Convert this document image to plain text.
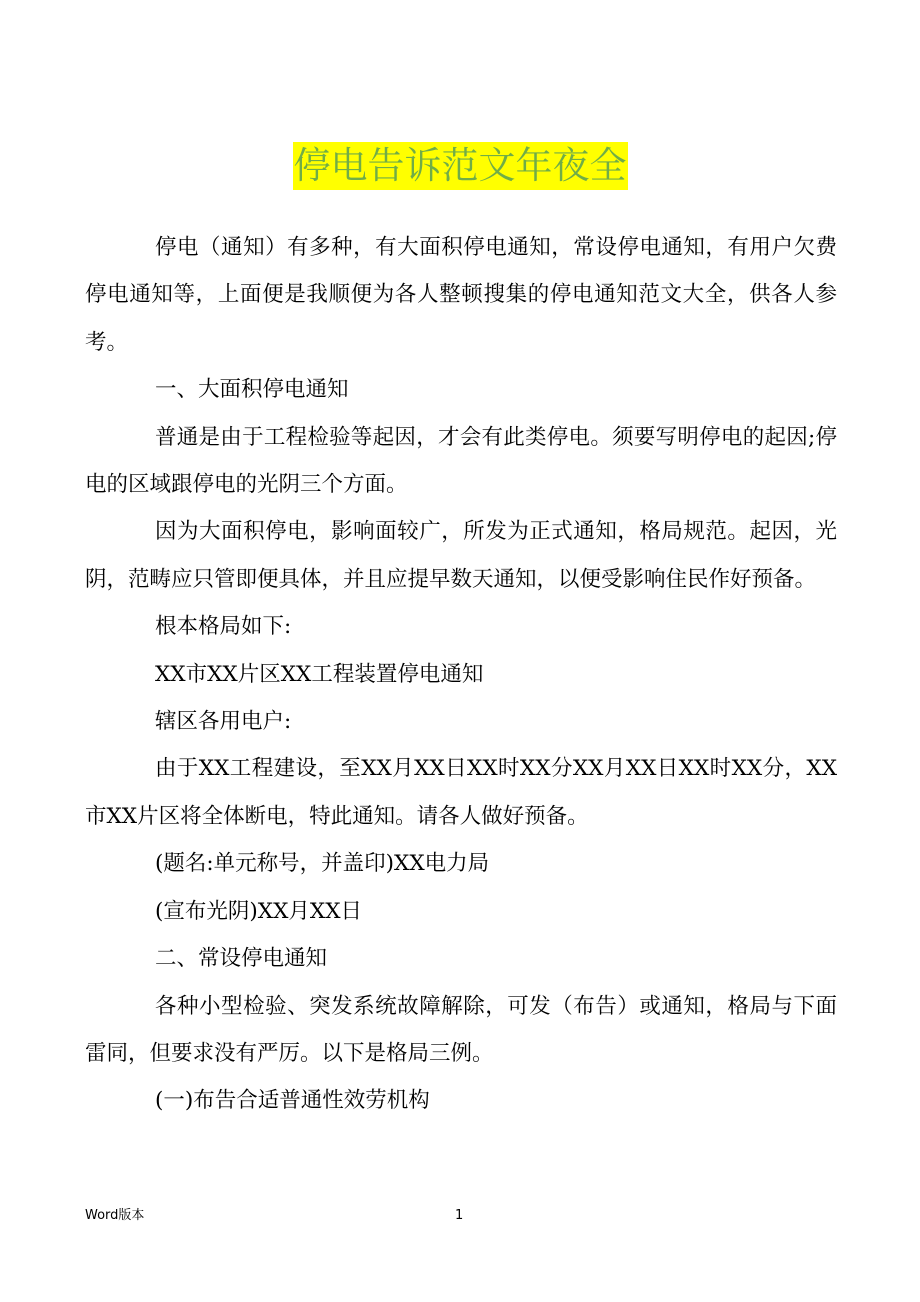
停电告诉范文年夜全

停电（通知）有多种，有大面积停电通知，常设停电通知，有用户欠费停电通知等，上面便是我顺便为各人整顿搜集的停电通知范文大全，供各人参考。

一、大面积停电通知

普通是由于工程检验等起因，才会有此类停电。须要写明停电的起因;停电的区域跟停电的光阴三个方面。

因为大面积停电，影响面较广，所发为正式通知，格局规范。起因，光阴，范畴应只管即便具体，并且应提早数天通知，以便受影响住民作好预备。

根本格局如下:

XX市XX片区XX工程装置停电通知

辖区各用电户:

由于XX工程建设，至XX月XX日XX时XX分XX月XX日XX时XX分，XX市XX片区将全体断电，特此通知。请各人做好预备。

(题名:单元称号，并盖印)XX电力局

(宣布光阴)XX月XX日

二、常设停电通知

各种小型检验、突发系统故障解除，可发（布告）或通知，格局与下面雷同，但要求没有严厉。以下是格局三例。

(一)布告合适普通性效劳机构

Word版本	1
